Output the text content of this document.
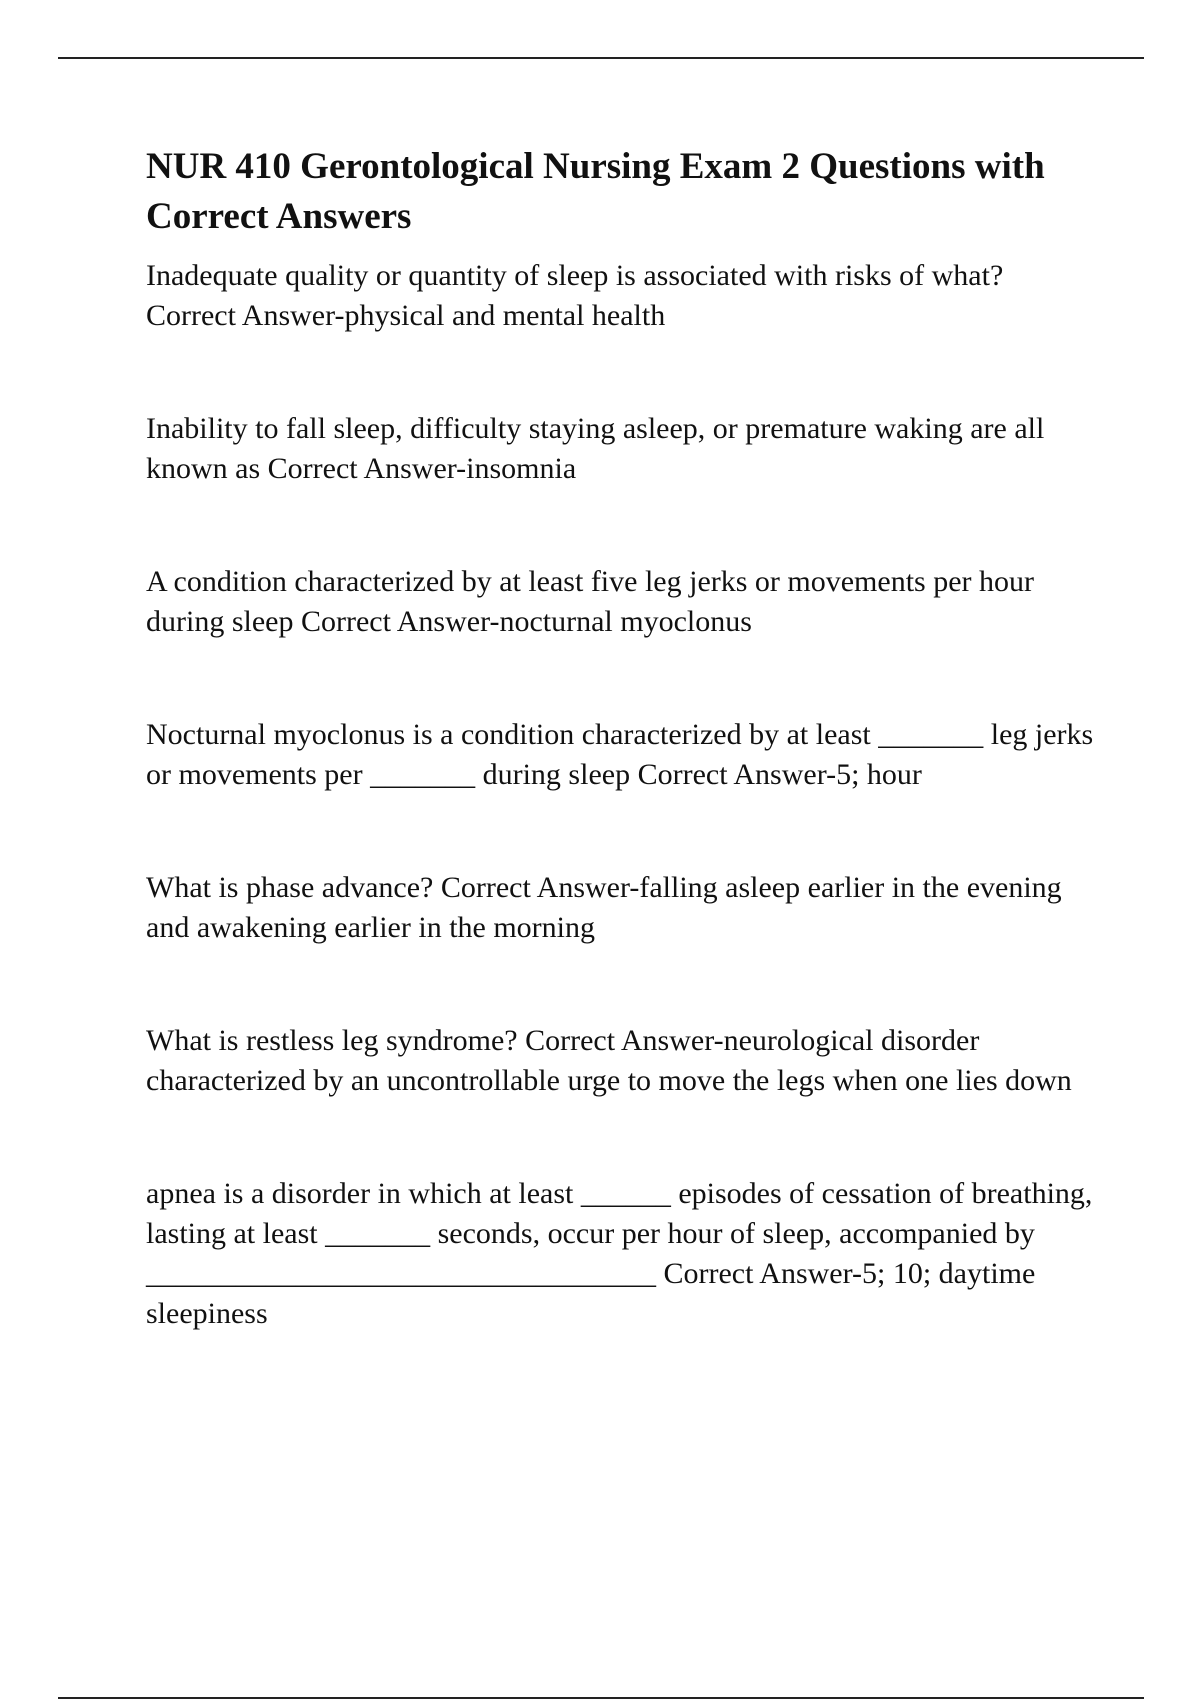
NUR 410 Gerontological Nursing Exam 2 Questions with Correct Answers

Inadequate quality or quantity of sleep is associated with risks of what? Correct Answer-physical and mental health

Inability to fall sleep, difficulty staying asleep, or premature waking are all known as Correct Answer-insomnia

A condition characterized by at least five leg jerks or movements per hour during sleep Correct Answer-nocturnal myoclonus

Nocturnal myoclonus is a condition characterized by at least _______ leg jerks or movements per _______ during sleep Correct Answer-5; hour

What is phase advance? Correct Answer-falling asleep earlier in the evening and awakening earlier in the morning

What is restless leg syndrome? Correct Answer-neurological disorder characterized by an uncontrollable urge to move the legs when one lies down

apnea is a disorder in which at least ______ episodes of cessation of breathing, lasting at least _______ seconds, occur per hour of sleep, accompanied by __________________________________ Correct Answer-5; 10; daytime sleepiness
